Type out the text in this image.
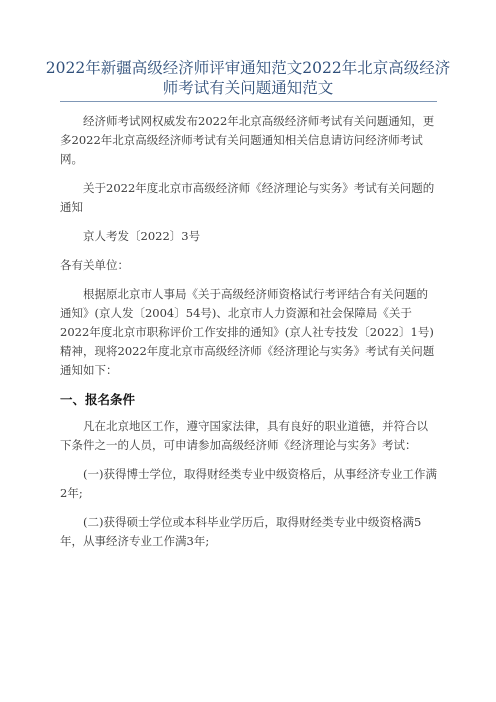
2022年新疆高级经济师评审通知范文2022年北京高级经济师考试有关问题通知范文

经济师考试网权威发布2022年北京高级经济师考试有关问题通知，更多2022年北京高级经济师考试有关问题通知相关信息请访问经济师考试网。

关于2022年度北京市高级经济师《经济理论与实务》考试有关问题的通知

京人考发〔2022〕3号

各有关单位：

根据原北京市人事局《关于高级经济师资格试行考评结合有关问题的通知》(京人发〔2004〕54号)、北京市人力资源和社会保障局《关于2022年度北京市职称评价工作安排的通知》(京人社专技发〔2022〕1号)精神，现将2022年度北京市高级经济师《经济理论与实务》考试有关问题通知如下：

一、报名条件

凡在北京地区工作，遵守国家法律，具有良好的职业道德，并符合以下条件之一的人员，可申请参加高级经济师《经济理论与实务》考试：

(一)获得博士学位，取得财经类专业中级资格后，从事经济专业工作满2年;

(二)获得硕士学位或本科毕业学历后，取得财经类专业中级资格满5年，从事经济专业工作满3年;
